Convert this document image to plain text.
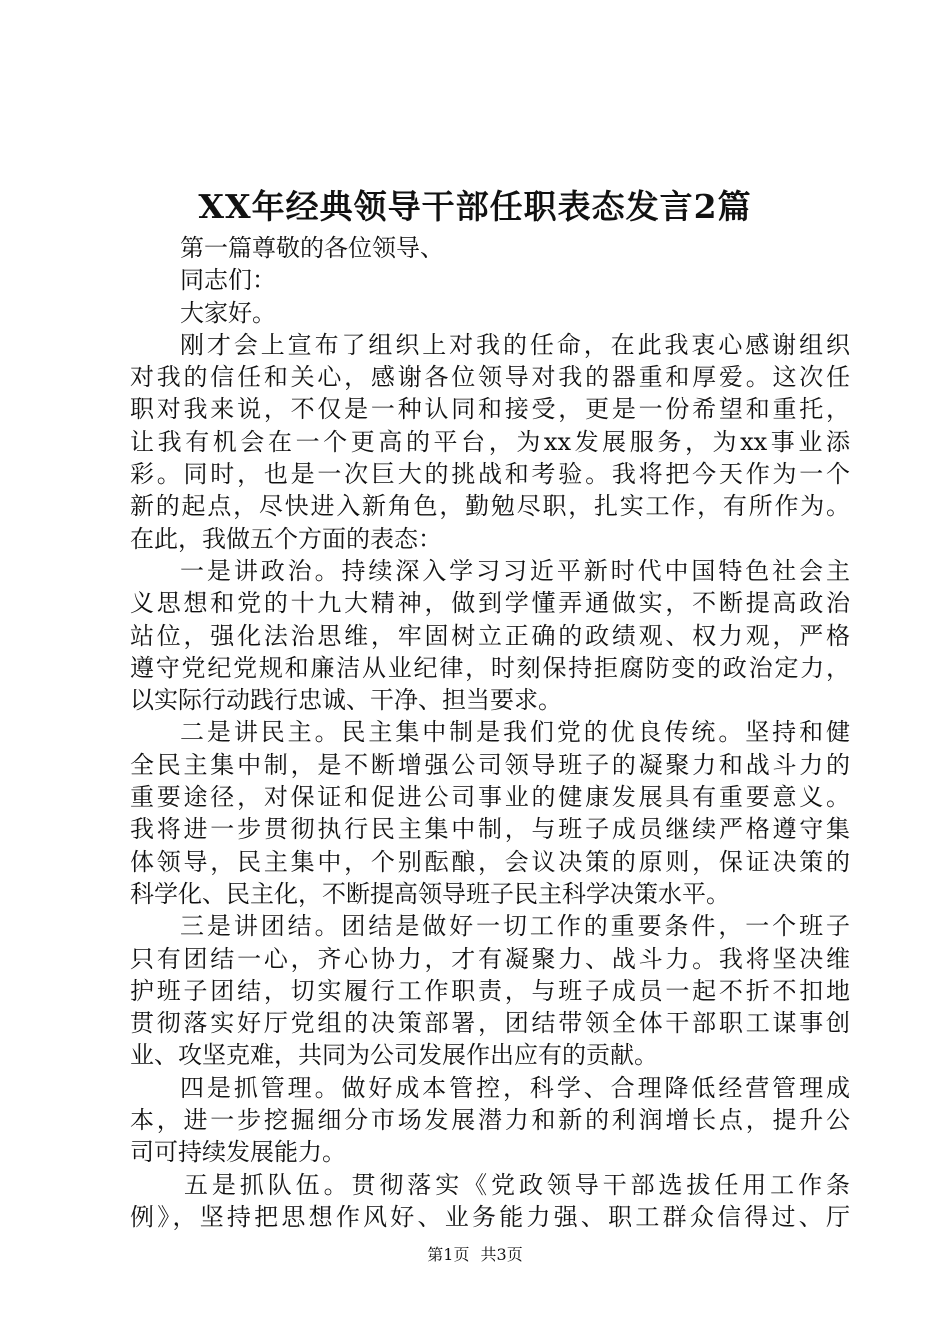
XX年经典领导干部任职表态发言2篇
第一篇尊敬的各位领导、
同志们：
大家好。
刚才会上宣布了组织上对我的任命，在此我衷心感谢组织
对我的信任和关心，感谢各位领导对我的器重和厚爱。这次任
职对我来说，不仅是一种认同和接受，更是一份希望和重托，
让我有机会在一个更高的平台，为xx发展服务，为xx事业添
彩。同时，也是一次巨大的挑战和考验。我将把今天作为一个
新的起点，尽快进入新角色，勤勉尽职，扎实工作，有所作为。
在此，我做五个方面的表态：
一是讲政治。持续深入学习习近平新时代中国特色社会主
义思想和党的十九大精神，做到学懂弄通做实，不断提高政治
站位，强化法治思维，牢固树立正确的政绩观、权力观，严格
遵守党纪党规和廉洁从业纪律，时刻保持拒腐防变的政治定力，
以实际行动践行忠诚、干净、担当要求。
二是讲民主。民主集中制是我们党的优良传统。坚持和健
全民主集中制，是不断增强公司领导班子的凝聚力和战斗力的
重要途径，对保证和促进公司事业的健康发展具有重要意义。
我将进一步贯彻执行民主集中制，与班子成员继续严格遵守集
体领导，民主集中，个别酝酿，会议决策的原则，保证决策的
科学化、民主化，不断提高领导班子民主科学决策水平。
三是讲团结。团结是做好一切工作的重要条件，一个班子
只有团结一心，齐心协力，才有凝聚力、战斗力。我将坚决维
护班子团结，切实履行工作职责，与班子成员一起不折不扣地
贯彻落实好厅党组的决策部署，团结带领全体干部职工谋事创
业、攻坚克难，共同为公司发展作出应有的贡献。
四是抓管理。做好成本管控，科学、合理降低经营管理成
本，进一步挖掘细分市场发展潜力和新的利润增长点，提升公
司可持续发展能力。
五是抓队伍。贯彻落实《党政领导干部选拔任用工作条
例》，坚持把思想作风好、业务能力强、职工群众信得过、厅
第1页 共3页
